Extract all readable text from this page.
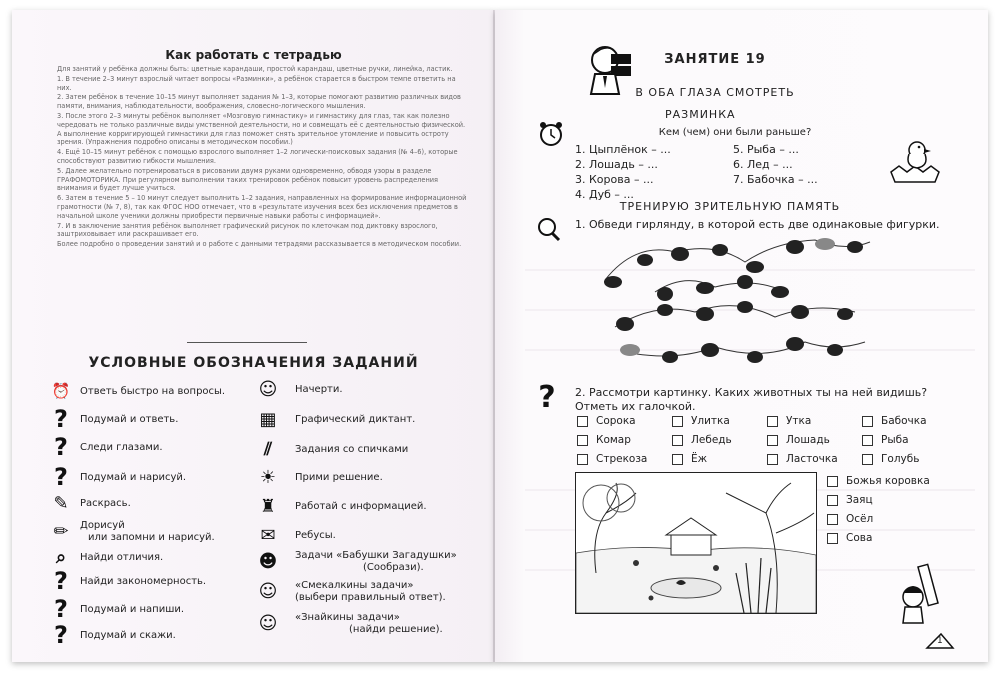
Как работать с тетрадью

Для занятий у ребёнка должны быть: цветные карандаши, простой карандаш, цветные ручки, линейка, ластик.

1. В течение 2–3 минут взрослый читает вопросы «Разминки», а ребёнок старается в быстром темпе ответить на них.

2. Затем ребёнок в течение 10–15 минут выполняет задания № 1–3, которые помогают развитию различных видов памяти, внимания, наблюдательности, воображения, словесно-логического мышления.

3. После этого 2–3 минуты ребёнок выполняет «Мозговую гимнастику» и гимнастику для глаз, так как полезно чередовать не только различные виды умственной деятельности, но и совмещать её с деятельностью физической. А выполнение корригирующей гимнастики для глаз поможет снять зрительное утомление и повысить остроту зрения. (Упражнения подробно описаны в методическом пособии.)

4. Ещё 10–15 минут ребёнок с помощью взрослого выполняет 1–2 логически-поисковых задания (№ 4–6), которые способствуют развитию гибкости мышления.

5. Далее желательно потренироваться в рисовании двумя руками одновременно, обводя узоры в разделе ГРАФОМОТОРИКА. При регулярном выполнении таких тренировок ребёнок повысит уровень распределения внимания и будет лучше учиться.

6. Затем в течение 5 – 10 минут следует выполнить 1–2 задания, направленных на формирование информационной грамотности (№ 7, 8), так как ФГОС НОО отмечает, что в «результате изучения всех без исключения предметов в начальной школе ученики должны приобрести первичные навыки работы с информацией».

7. И в заключение занятия ребёнок выполняет графический рисунок по клеточкам под диктовку взрослого, заштриховывает или раскрашивает его.

Более подробно о проведении занятий и о работе с данными тетрадями рассказывается в методическом пособии.

УСЛОВНЫЕ ОБОЗНАЧЕНИЯ ЗАДАНИЙ
⏰ Ответь быстро на вопросы.
?	Подумай и ответь.
?	Следи глазами.
?	Подумай и нарисуй.
✎	Раскрась.
✏	Дорисуй
или запомни и нарисуй.
⌕	Найди отличия.
?	Найди закономерность.
?	Подумай и напиши.
?	Подумай и скажи.
☺ Начерти.
▦ Графический диктант.
⫽	Задания со спичками
☀ Прими решение.
♜ Работай с информацией.
✉	Ребусы.
☻ Задачи «Бабушки Загадушки»
(Сообрази).
☺ «Смекалкины задачи»
(выбери правильный ответ).
☺ «Знайкины задачи»
(найди решение).
ЗАНЯТИЕ 19
В ОБА ГЛАЗА СМОТРЕТЬ
РАЗМИНКА
Кем (чем) они были раньше?
1. Цыплёнок – ...
2. Лошадь – ...
3. Корова – ...
4. Дуб – ...
5. Рыба – ...
6. Лед – ...
7. Бабочка – ...
ТРЕНИРУЮ ЗРИТЕЛЬНУЮ ПАМЯТЬ
1. Обведи гирлянду, в которой есть две одинаковые фигурки.
?	2. Рассмотри картинку. Каких животных ты на ней видишь? Отметь их галочкой.
Сорока	Улитка	Утка	Бабочка
Комар	Лебедь	Лошадь	Рыба
Стрекоза	Ёж	Ласточка	Голубь
Божья коровка
Заяц
Осёл
Сова
1
